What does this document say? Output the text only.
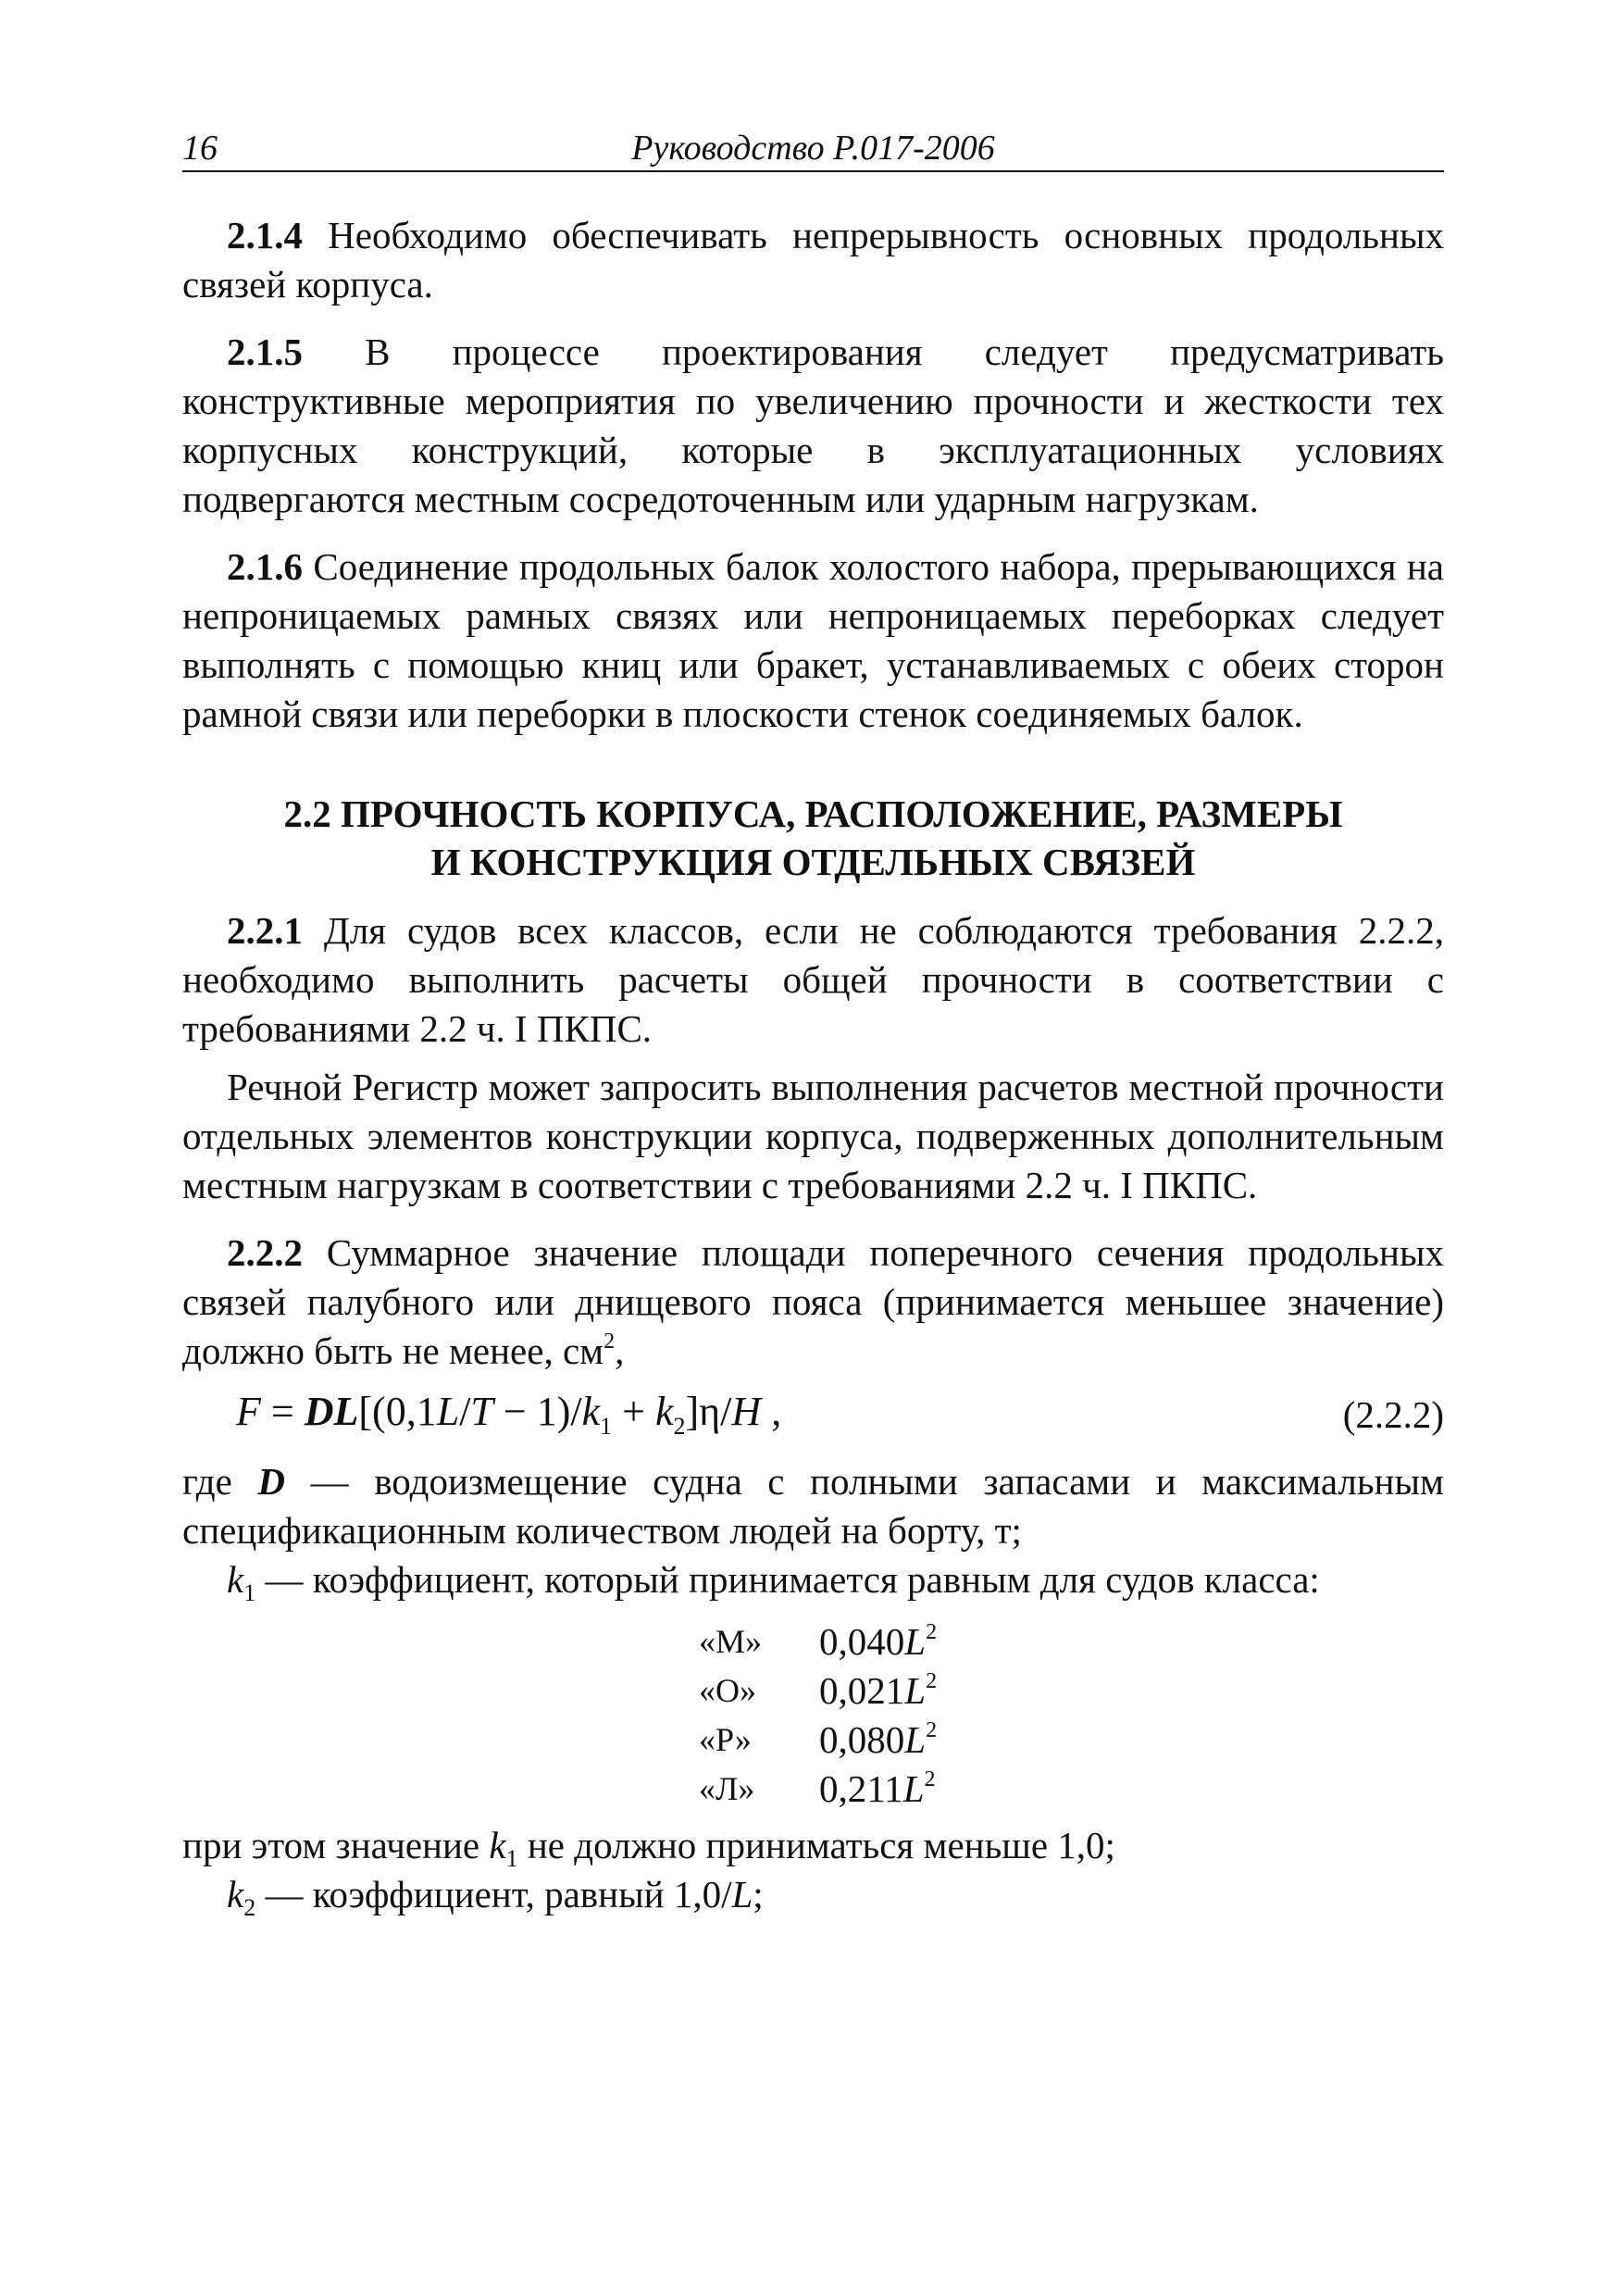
16	Руководство Р.017-2006

2.1.4 Необходимо обеспечивать непрерывность основных продольных связей корпуса.

2.1.5 В процессе проектирования следует предусматривать конструктивные мероприятия по увеличению прочности и жесткости тех корпусных конструкций, которые в эксплуатационных условиях подвергаются местным сосредоточенным или ударным нагрузкам.

2.1.6 Соединение продольных балок холостого набора, прерывающихся на непроницаемых рамных связях или непроницаемых переборках следует выполнять с помощью книц или бракет, устанавливаемых с обеих сторон рамной связи или переборки в плоскости стенок соединяемых балок.

2.2 ПРОЧНОСТЬ КОРПУСА, РАСПОЛОЖЕНИЕ, РАЗМЕРЫ
И КОНСТРУКЦИЯ ОТДЕЛЬНЫХ СВЯЗЕЙ

2.2.1 Для судов всех классов, если не соблюдаются требования 2.2.2, необходимо выполнить расчеты общей прочности в соответствии с требованиями 2.2 ч. I ПКПС.

Речной Регистр может запросить выполнения расчетов местной прочности отдельных элементов конструкции корпуса, подверженных дополнительным местным нагрузкам в соответствии с требованиями 2.2 ч. I ПКПС.

2.2.2 Суммарное значение площади поперечного сечения продольных связей палубного или днищевого пояса (принимается меньшее значение) должно быть не менее, $см^2$,

$F = DL[(0,1L/T - 1)/k_1 + k_2]\eta/H$ ,	(2.2.2)

где D — водоизмещение судна с полными запасами и максимальным спецификационным количеством людей на борту, т;

$k_1$ — коэффициент, который принимается равным для судов класса:

«М»	$0,040L^2$
«О»	$0,021L^2$
«Р»	$0,080L^2$
«Л»	$0,211L^2$

при этом значение $k_1$ не должно приниматься меньше 1,0;

$k_2$ — коэффициент, равный 1,0/L;
